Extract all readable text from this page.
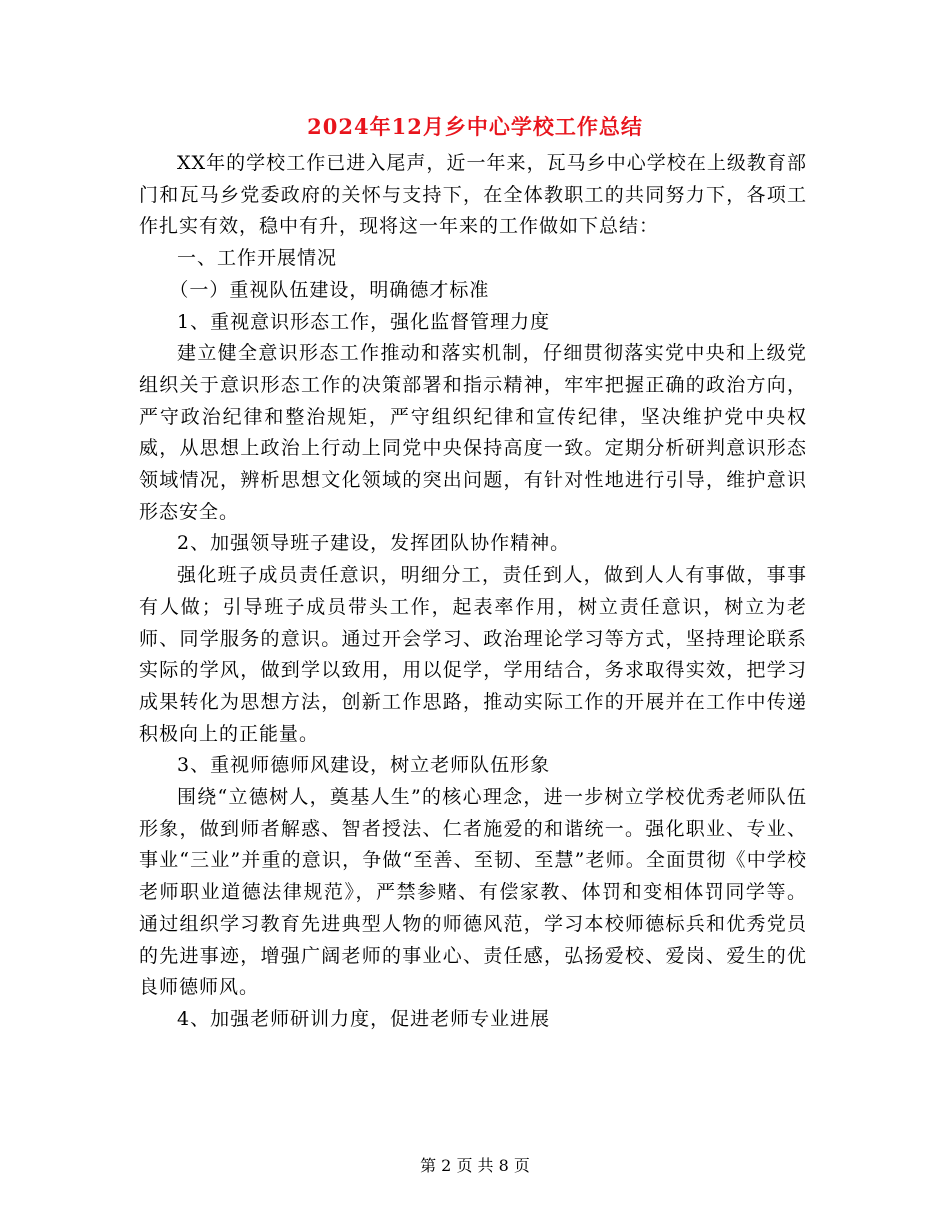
2024年12月乡中心学校工作总结

XX年的学校工作已进入尾声，近一年来，瓦马乡中心学校在上级教育部门和瓦马乡党委政府的关怀与支持下，在全体教职工的共同努力下，各项工作扎实有效，稳中有升，现将这一年来的工作做如下总结：

一、工作开展情况

（一）重视队伍建设，明确德才标准

1、重视意识形态工作，强化监督管理力度

建立健全意识形态工作推动和落实机制，仔细贯彻落实党中央和上级党组织关于意识形态工作的决策部署和指示精神，牢牢把握正确的政治方向，严守政治纪律和整治规矩，严守组织纪律和宣传纪律，坚决维护党中央权威，从思想上政治上行动上同党中央保持高度一致。定期分析研判意识形态领域情况，辨析思想文化领域的突出问题，有针对性地进行引导，维护意识形态安全。

2、加强领导班子建设，发挥团队协作精神。

强化班子成员责任意识，明细分工，责任到人，做到人人有事做，事事有人做；引导班子成员带头工作，起表率作用，树立责任意识，树立为老师、同学服务的意识。通过开会学习、政治理论学习等方式，坚持理论联系实际的学风，做到学以致用，用以促学，学用结合，务求取得实效，把学习成果转化为思想方法，创新工作思路，推动实际工作的开展并在工作中传递积极向上的正能量。

3、重视师德师风建设，树立老师队伍形象

围绕“立德树人，奠基人生”的核心理念，进一步树立学校优秀老师队伍形象，做到师者解惑、智者授法、仁者施爱的和谐统一。强化职业、专业、事业“三业”并重的意识，争做“至善、至韧、至慧”老师。全面贯彻《中学校老师职业道德法律规范》，严禁参赌、有偿家教、体罚和变相体罚同学等。通过组织学习教育先进典型人物的师德风范，学习本校师德标兵和优秀党员的先进事迹，增强广阔老师的事业心、责任感，弘扬爱校、爱岗、爱生的优良师德师风。

4、加强老师研训力度，促进老师专业进展

第 2 页 共 8 页
